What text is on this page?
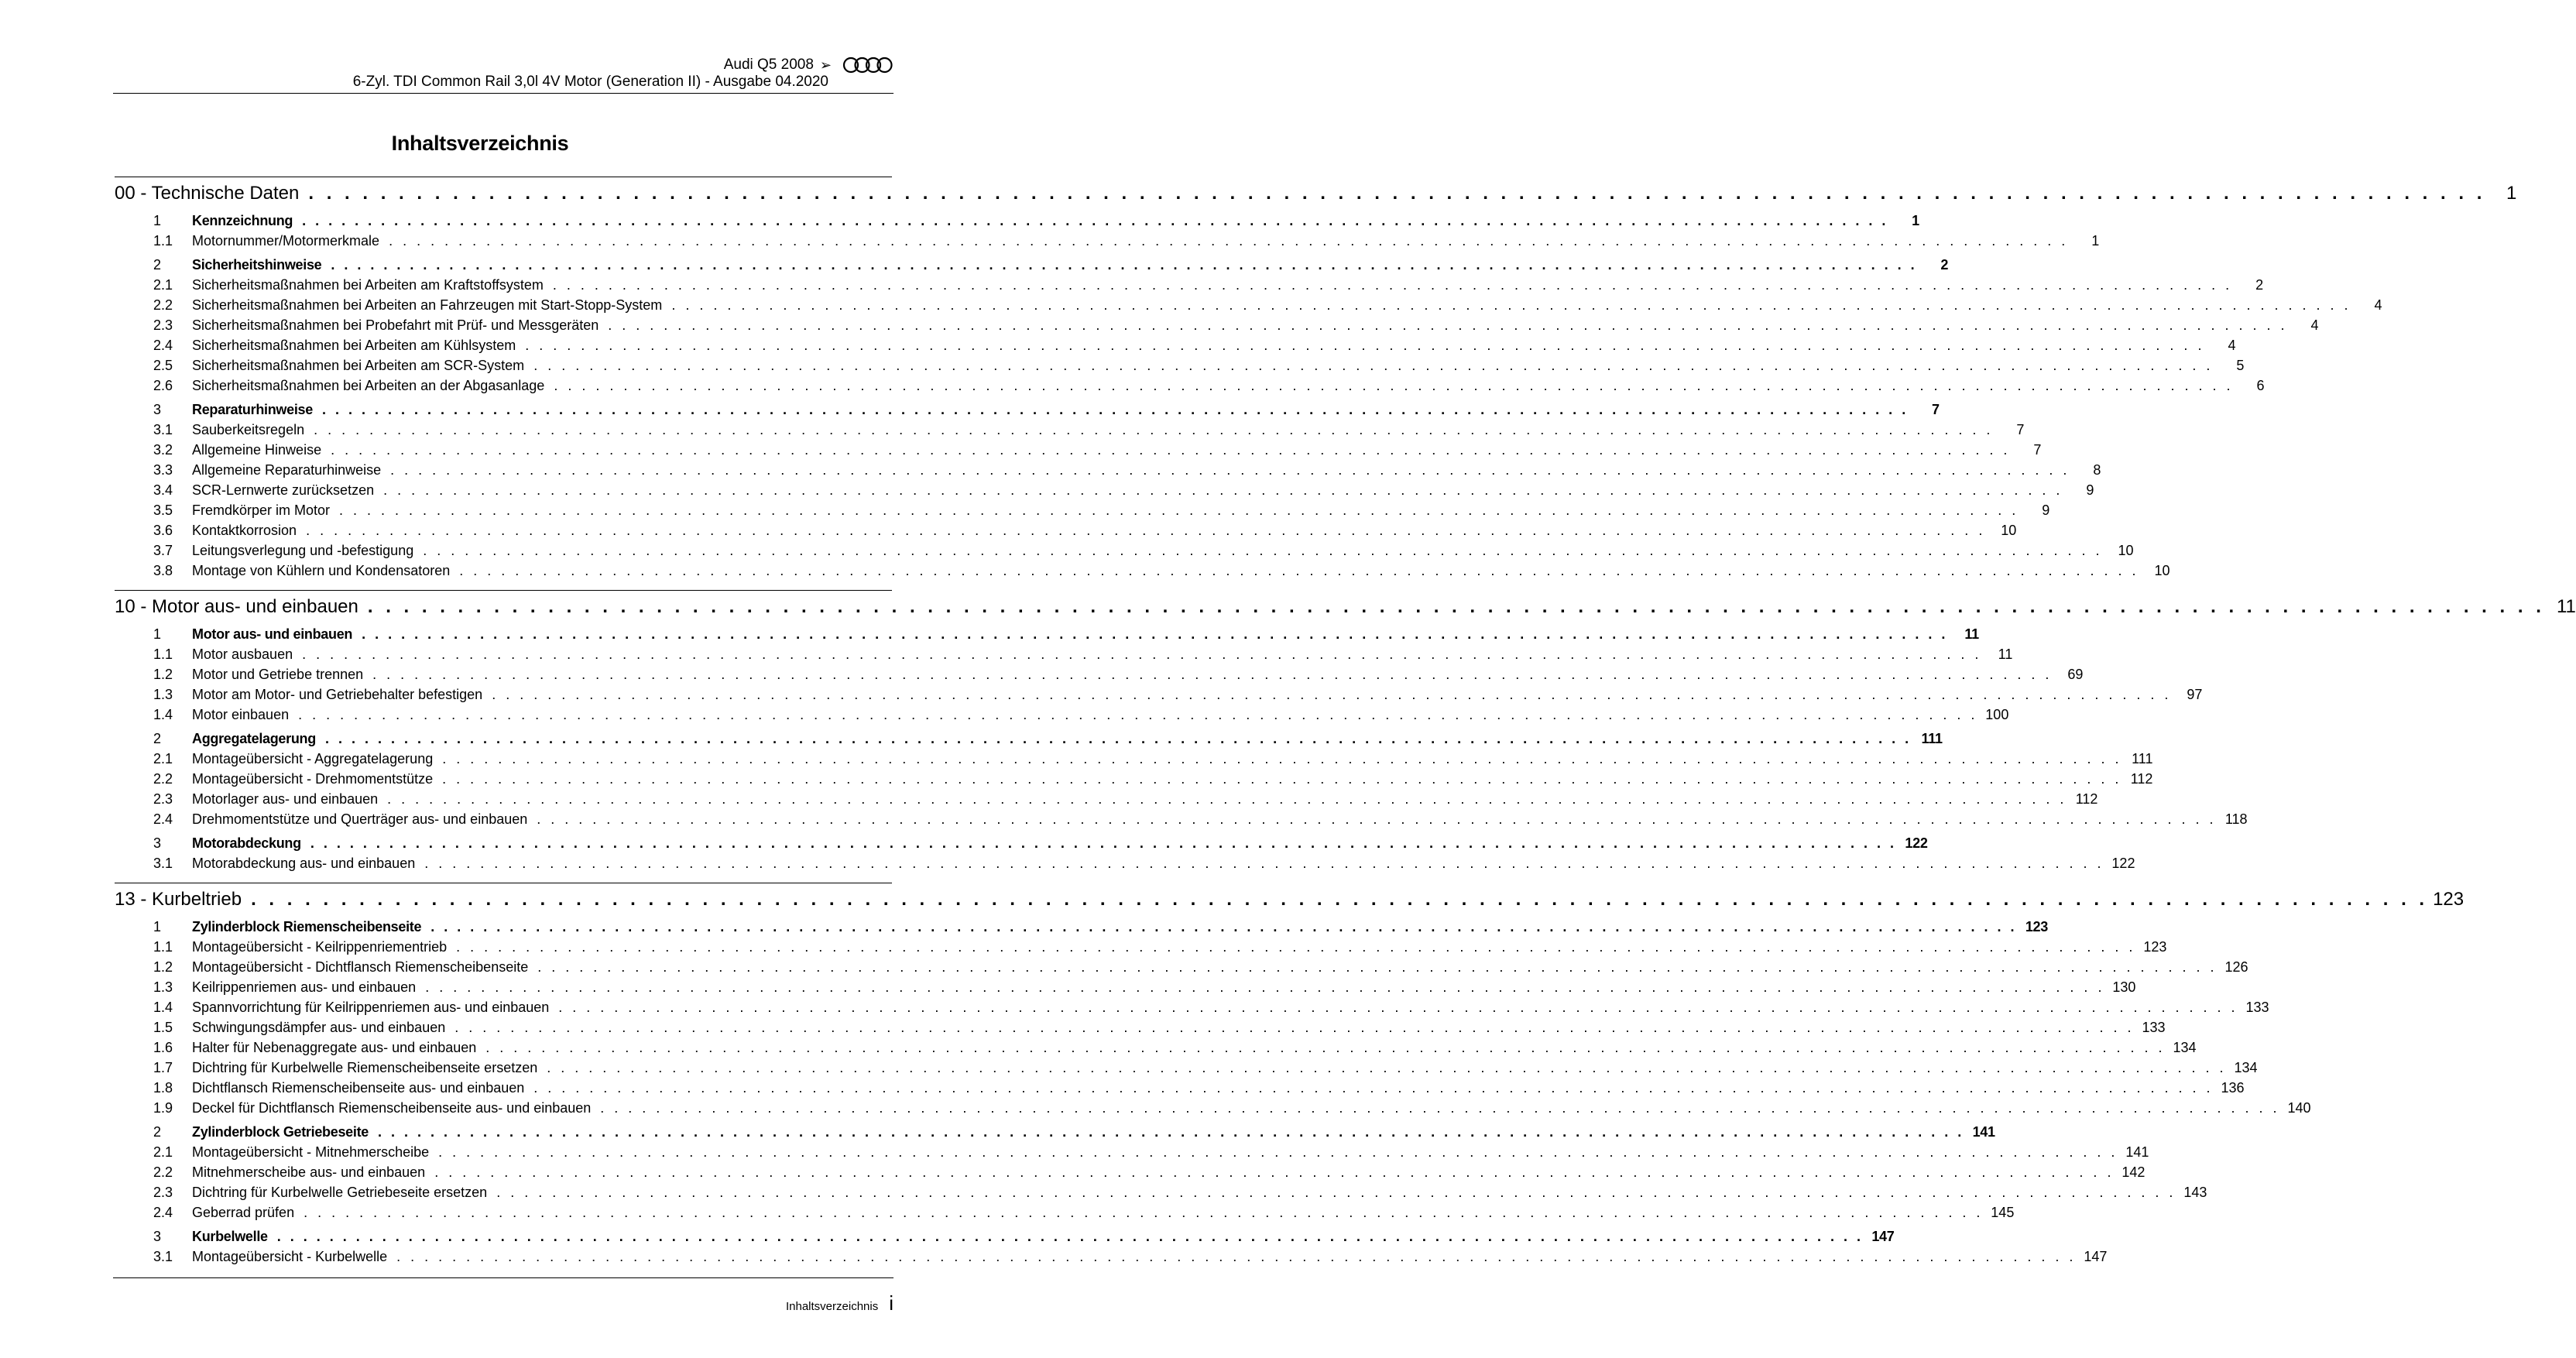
Audi Q5 2008 ➢
6-Zyl. TDI Common Rail 3,0l 4V Motor (Generation II) - Ausgabe 04.2020
Inhaltsverzeichnis
00 - Technische Daten . . . . . . . . . . . . . . . . . . . . . . . . . . . . . . . . . . . . . . . . . . . . . . . . . . . . . . . . . . . . . . . . . . . . . . . . . . . . . . . . . . . . . . . . . . . . . . . . . . . . . . . . . . . . . . . . . . . . . . . . .	1
1 Kennzeichnung . . . . . . . . . . . . . . . . . . . . . . . . . . . . . . . . . . . . . . . . . . . . . . . . . . . . . . . . . . . . . . . . . . . . . . . . . . . . . . . . . . . . . . . . . . . . . . . . . . . . . . . . . . . . . . . . . . . . . . . . .	1
1.1 Motornummer/Motormerkmale . . . . . . . . . . . . . . . . . . . . . . . . . . . . . . . . . . . . . . . . . . . . . . . . . . . . . . . . . . . . . . . . . . . . . . . . . . . . . . . . . . . . . . . . . . . . . . . . . . . . . . . . . . . . . . . . . . . . . . . . .	1
2 Sicherheitshinweise . . . . . . . . . . . . . . . . . . . . . . . . . . . . . . . . . . . . . . . . . . . . . . . . . . . . . . . . . . . . . . . . . . . . . . . . . . . . . . . . . . . . . . . . . . . . . . . . . . . . . . . . . . . . . . . . . . . . . . . . .	2
2.1 Sicherheitsmaßnahmen bei Arbeiten am Kraftstoffsystem . . . . . . . . . . . . . . . . . . . . . . . . . . . . . . . . . . . . . . . . . . . . . . . . . . . . . . . . . . . . . . . . . . . . . . . . . . . . . . . . . . . . . . . . . . . . . . . . . . . . . . . . . . . . . . . . . . . . . . . . .	2
2.2 Sicherheitsmaßnahmen bei Arbeiten an Fahrzeugen mit Start-Stopp-System . . . . . . . . . . . . . . . . . . . . . . . . . . . . . . . . . . . . . . . . . . . . . . . . . . . . . . . . . . . . . . . . . . . . . . . . . . . . . . . . . . . . . . . . . . . . . . . . . . . . . . . . . . . . . . . . . . . . . . . . .	4
2.3 Sicherheitsmaßnahmen bei Probefahrt mit Prüf- und Messgeräten . . . . . . . . . . . . . . . . . . . . . . . . . . . . . . . . . . . . . . . . . . . . . . . . . . . . . . . . . . . . . . . . . . . . . . . . . . . . . . . . . . . . . . . . . . . . . . . . . . . . . . . . . . . . . . . . . . . . . . . . .	4
2.4 Sicherheitsmaßnahmen bei Arbeiten am Kühlsystem . . . . . . . . . . . . . . . . . . . . . . . . . . . . . . . . . . . . . . . . . . . . . . . . . . . . . . . . . . . . . . . . . . . . . . . . . . . . . . . . . . . . . . . . . . . . . . . . . . . . . . . . . . . . . . . . . . . . . . . . .	4
2.5 Sicherheitsmaßnahmen bei Arbeiten am SCR-System . . . . . . . . . . . . . . . . . . . . . . . . . . . . . . . . . . . . . . . . . . . . . . . . . . . . . . . . . . . . . . . . . . . . . . . . . . . . . . . . . . . . . . . . . . . . . . . . . . . . . . . . . . . . . . . . . . . . . . . . .	5
2.6 Sicherheitsmaßnahmen bei Arbeiten an der Abgasanlage . . . . . . . . . . . . . . . . . . . . . . . . . . . . . . . . . . . . . . . . . . . . . . . . . . . . . . . . . . . . . . . . . . . . . . . . . . . . . . . . . . . . . . . . . . . . . . . . . . . . . . . . . . . . . . . . . . . . . . . . .	6
3 Reparaturhinweise . . . . . . . . . . . . . . . . . . . . . . . . . . . . . . . . . . . . . . . . . . . . . . . . . . . . . . . . . . . . . . . . . . . . . . . . . . . . . . . . . . . . . . . . . . . . . . . . . . . . . . . . . . . . . . . . . . . . . . . . .	7
3.1 Sauberkeitsregeln . . . . . . . . . . . . . . . . . . . . . . . . . . . . . . . . . . . . . . . . . . . . . . . . . . . . . . . . . . . . . . . . . . . . . . . . . . . . . . . . . . . . . . . . . . . . . . . . . . . . . . . . . . . . . . . . . . . . . . . . .	7
3.2 Allgemeine Hinweise . . . . . . . . . . . . . . . . . . . . . . . . . . . . . . . . . . . . . . . . . . . . . . . . . . . . . . . . . . . . . . . . . . . . . . . . . . . . . . . . . . . . . . . . . . . . . . . . . . . . . . . . . . . . . . . . . . . . . . . . .	7
3.3 Allgemeine Reparaturhinweise . . . . . . . . . . . . . . . . . . . . . . . . . . . . . . . . . . . . . . . . . . . . . . . . . . . . . . . . . . . . . . . . . . . . . . . . . . . . . . . . . . . . . . . . . . . . . . . . . . . . . . . . . . . . . . . . . . . . . . . . .	8
3.4 SCR-Lernwerte zurücksetzen . . . . . . . . . . . . . . . . . . . . . . . . . . . . . . . . . . . . . . . . . . . . . . . . . . . . . . . . . . . . . . . . . . . . . . . . . . . . . . . . . . . . . . . . . . . . . . . . . . . . . . . . . . . . . . . . . . . . . . . . .	9
3.5 Fremdkörper im Motor . . . . . . . . . . . . . . . . . . . . . . . . . . . . . . . . . . . . . . . . . . . . . . . . . . . . . . . . . . . . . . . . . . . . . . . . . . . . . . . . . . . . . . . . . . . . . . . . . . . . . . . . . . . . . . . . . . . . . . . . .	9
3.6 Kontaktkorrosion . . . . . . . . . . . . . . . . . . . . . . . . . . . . . . . . . . . . . . . . . . . . . . . . . . . . . . . . . . . . . . . . . . . . . . . . . . . . . . . . . . . . . . . . . . . . . . . . . . . . . . . . . . . . . . . . . . . . . . . . .	10
3.7 Leitungsverlegung und -befestigung . . . . . . . . . . . . . . . . . . . . . . . . . . . . . . . . . . . . . . . . . . . . . . . . . . . . . . . . . . . . . . . . . . . . . . . . . . . . . . . . . . . . . . . . . . . . . . . . . . . . . . . . . . . . . . . . . . . . . . . . .	10
3.8 Montage von Kühlern und Kondensatoren . . . . . . . . . . . . . . . . . . . . . . . . . . . . . . . . . . . . . . . . . . . . . . . . . . . . . . . . . . . . . . . . . . . . . . . . . . . . . . . . . . . . . . . . . . . . . . . . . . . . . . . . . . . . . . . . . . . . . . . . .	10
10 - Motor aus- und einbauen . . . . . . . . . . . . . . . . . . . . . . . . . . . . . . . . . . . . . . . . . . . . . . . . . . . . . . . . . . . . . . . . . . . . . . . . . . . . . . . . . . . . . . . . . . . . . . . . . . . . . . . . . . . . . . . . . . . . . . . . . 11
1 Motor aus- und einbauen . . . . . . . . . . . . . . . . . . . . . . . . . . . . . . . . . . . . . . . . . . . . . . . . . . . . . . . . . . . . . . . . . . . . . . . . . . . . . . . . . . . . . . . . . . . . . . . . . . . . . . . . . . . . . . . . . . . . . . . . .	11
1.1 Motor ausbauen . . . . . . . . . . . . . . . . . . . . . . . . . . . . . . . . . . . . . . . . . . . . . . . . . . . . . . . . . . . . . . . . . . . . . . . . . . . . . . . . . . . . . . . . . . . . . . . . . . . . . . . . . . . . . . . . . . . . . . . . .	11
1.2 Motor und Getriebe trennen . . . . . . . . . . . . . . . . . . . . . . . . . . . . . . . . . . . . . . . . . . . . . . . . . . . . . . . . . . . . . . . . . . . . . . . . . . . . . . . . . . . . . . . . . . . . . . . . . . . . . . . . . . . . . . . . . . . . . . . . .	69
1.3 Motor am Motor- und Getriebehalter befestigen . . . . . . . . . . . . . . . . . . . . . . . . . . . . . . . . . . . . . . . . . . . . . . . . . . . . . . . . . . . . . . . . . . . . . . . . . . . . . . . . . . . . . . . . . . . . . . . . . . . . . . . . . . . . . . . . . . . . . . . . .	97
1.4 Motor einbauen . . . . . . . . . . . . . . . . . . . . . . . . . . . . . . . . . . . . . . . . . . . . . . . . . . . . . . . . . . . . . . . . . . . . . . . . . . . . . . . . . . . . . . . . . . . . . . . . . . . . . . . . . . . . . . . . . . . . . . . . . 100
2 Aggregatelagerung . . . . . . . . . . . . . . . . . . . . . . . . . . . . . . . . . . . . . . . . . . . . . . . . . . . . . . . . . . . . . . . . . . . . . . . . . . . . . . . . . . . . . . . . . . . . . . . . . . . . . . . . . . . . . . . . . . . . . . . . . 111
2.1 Montageübersicht - Aggregatelagerung . . . . . . . . . . . . . . . . . . . . . . . . . . . . . . . . . . . . . . . . . . . . . . . . . . . . . . . . . . . . . . . . . . . . . . . . . . . . . . . . . . . . . . . . . . . . . . . . . . . . . . . . . . . . . . . . . . . . . . . . . 111
2.2 Montageübersicht - Drehmomentstütze . . . . . . . . . . . . . . . . . . . . . . . . . . . . . . . . . . . . . . . . . . . . . . . . . . . . . . . . . . . . . . . . . . . . . . . . . . . . . . . . . . . . . . . . . . . . . . . . . . . . . . . . . . . . . . . . . . . . . . . . . 112
2.3 Motorlager aus- und einbauen . . . . . . . . . . . . . . . . . . . . . . . . . . . . . . . . . . . . . . . . . . . . . . . . . . . . . . . . . . . . . . . . . . . . . . . . . . . . . . . . . . . . . . . . . . . . . . . . . . . . . . . . . . . . . . . . . . . . . . . . . 112
2.4 Drehmomentstütze und Querträger aus- und einbauen . . . . . . . . . . . . . . . . . . . . . . . . . . . . . . . . . . . . . . . . . . . . . . . . . . . . . . . . . . . . . . . . . . . . . . . . . . . . . . . . . . . . . . . . . . . . . . . . . . . . . . . . . . . . . . . . . . . . . . . . . 118
3 Motorabdeckung . . . . . . . . . . . . . . . . . . . . . . . . . . . . . . . . . . . . . . . . . . . . . . . . . . . . . . . . . . . . . . . . . . . . . . . . . . . . . . . . . . . . . . . . . . . . . . . . . . . . . . . . . . . . . . . . . . . . . . . . . 122
3.1 Motorabdeckung aus- und einbauen . . . . . . . . . . . . . . . . . . . . . . . . . . . . . . . . . . . . . . . . . . . . . . . . . . . . . . . . . . . . . . . . . . . . . . . . . . . . . . . . . . . . . . . . . . . . . . . . . . . . . . . . . . . . . . . . . . . . . . . . . 122
13 - Kurbeltrieb . . . . . . . . . . . . . . . . . . . . . . . . . . . . . . . . . . . . . . . . . . . . . . . . . . . . . . . . . . . . . . . . . . . . . . . . . . . . . . . . . . . . . . . . . . . . . . . . . . . . . . . . . . . . . . . . . . . . . . . . . 123
1 Zylinderblock Riemenscheibenseite . . . . . . . . . . . . . . . . . . . . . . . . . . . . . . . . . . . . . . . . . . . . . . . . . . . . . . . . . . . . . . . . . . . . . . . . . . . . . . . . . . . . . . . . . . . . . . . . . . . . . . . . . . . . . . . . . . . . . . . . . 123
1.1 Montageübersicht - Keilrippenriementrieb . . . . . . . . . . . . . . . . . . . . . . . . . . . . . . . . . . . . . . . . . . . . . . . . . . . . . . . . . . . . . . . . . . . . . . . . . . . . . . . . . . . . . . . . . . . . . . . . . . . . . . . . . . . . . . . . . . . . . . . . . 123
1.2 Montageübersicht - Dichtflansch Riemenscheibenseite . . . . . . . . . . . . . . . . . . . . . . . . . . . . . . . . . . . . . . . . . . . . . . . . . . . . . . . . . . . . . . . . . . . . . . . . . . . . . . . . . . . . . . . . . . . . . . . . . . . . . . . . . . . . . . . . . . . . . . . . . 126
1.3 Keilrippenriemen aus- und einbauen . . . . . . . . . . . . . . . . . . . . . . . . . . . . . . . . . . . . . . . . . . . . . . . . . . . . . . . . . . . . . . . . . . . . . . . . . . . . . . . . . . . . . . . . . . . . . . . . . . . . . . . . . . . . . . . . . . . . . . . . . 130
1.4 Spannvorrichtung für Keilrippenriemen aus- und einbauen . . . . . . . . . . . . . . . . . . . . . . . . . . . . . . . . . . . . . . . . . . . . . . . . . . . . . . . . . . . . . . . . . . . . . . . . . . . . . . . . . . . . . . . . . . . . . . . . . . . . . . . . . . . . . . . . . . . . . . . . . 133
1.5 Schwingungsdämpfer aus- und einbauen . . . . . . . . . . . . . . . . . . . . . . . . . . . . . . . . . . . . . . . . . . . . . . . . . . . . . . . . . . . . . . . . . . . . . . . . . . . . . . . . . . . . . . . . . . . . . . . . . . . . . . . . . . . . . . . . . . . . . . . . . 133
1.6 Halter für Nebenaggregate aus- und einbauen . . . . . . . . . . . . . . . . . . . . . . . . . . . . . . . . . . . . . . . . . . . . . . . . . . . . . . . . . . . . . . . . . . . . . . . . . . . . . . . . . . . . . . . . . . . . . . . . . . . . . . . . . . . . . . . . . . . . . . . . . 134
1.7 Dichtring für Kurbelwelle Riemenscheibenseite ersetzen . . . . . . . . . . . . . . . . . . . . . . . . . . . . . . . . . . . . . . . . . . . . . . . . . . . . . . . . . . . . . . . . . . . . . . . . . . . . . . . . . . . . . . . . . . . . . . . . . . . . . . . . . . . . . . . . . . . . . . . . . 134
1.8 Dichtflansch Riemenscheibenseite aus- und einbauen . . . . . . . . . . . . . . . . . . . . . . . . . . . . . . . . . . . . . . . . . . . . . . . . . . . . . . . . . . . . . . . . . . . . . . . . . . . . . . . . . . . . . . . . . . . . . . . . . . . . . . . . . . . . . . . . . . . . . . . . . 136
1.9 Deckel für Dichtflansch Riemenscheibenseite aus- und einbauen . . . . . . . . . . . . . . . . . . . . . . . . . . . . . . . . . . . . . . . . . . . . . . . . . . . . . . . . . . . . . . . . . . . . . . . . . . . . . . . . . . . . . . . . . . . . . . . . . . . . . . . . . . . . . . . . . . . . . . . . . 140
2 Zylinderblock Getriebeseite . . . . . . . . . . . . . . . . . . . . . . . . . . . . . . . . . . . . . . . . . . . . . . . . . . . . . . . . . . . . . . . . . . . . . . . . . . . . . . . . . . . . . . . . . . . . . . . . . . . . . . . . . . . . . . . . . . . . . . . . . 141
2.1 Montageübersicht - Mitnehmerscheibe . . . . . . . . . . . . . . . . . . . . . . . . . . . . . . . . . . . . . . . . . . . . . . . . . . . . . . . . . . . . . . . . . . . . . . . . . . . . . . . . . . . . . . . . . . . . . . . . . . . . . . . . . . . . . . . . . . . . . . . . . 141
2.2 Mitnehmerscheibe aus- und einbauen . . . . . . . . . . . . . . . . . . . . . . . . . . . . . . . . . . . . . . . . . . . . . . . . . . . . . . . . . . . . . . . . . . . . . . . . . . . . . . . . . . . . . . . . . . . . . . . . . . . . . . . . . . . . . . . . . . . . . . . . . 142
2.3 Dichtring für Kurbelwelle Getriebeseite ersetzen . . . . . . . . . . . . . . . . . . . . . . . . . . . . . . . . . . . . . . . . . . . . . . . . . . . . . . . . . . . . . . . . . . . . . . . . . . . . . . . . . . . . . . . . . . . . . . . . . . . . . . . . . . . . . . . . . . . . . . . . . 143
2.4 Geberrad prüfen . . . . . . . . . . . . . . . . . . . . . . . . . . . . . . . . . . . . . . . . . . . . . . . . . . . . . . . . . . . . . . . . . . . . . . . . . . . . . . . . . . . . . . . . . . . . . . . . . . . . . . . . . . . . . . . . . . . . . . . . . 145
3 Kurbelwelle . . . . . . . . . . . . . . . . . . . . . . . . . . . . . . . . . . . . . . . . . . . . . . . . . . . . . . . . . . . . . . . . . . . . . . . . . . . . . . . . . . . . . . . . . . . . . . . . . . . . . . . . . . . . . . . . . . . . . . . . . 147
3.1 Montageübersicht - Kurbelwelle . . . . . . . . . . . . . . . . . . . . . . . . . . . . . . . . . . . . . . . . . . . . . . . . . . . . . . . . . . . . . . . . . . . . . . . . . . . . . . . . . . . . . . . . . . . . . . . . . . . . . . . . . . . . . . . . . . . . . . . . . 147
Inhaltsverzeichnis i
